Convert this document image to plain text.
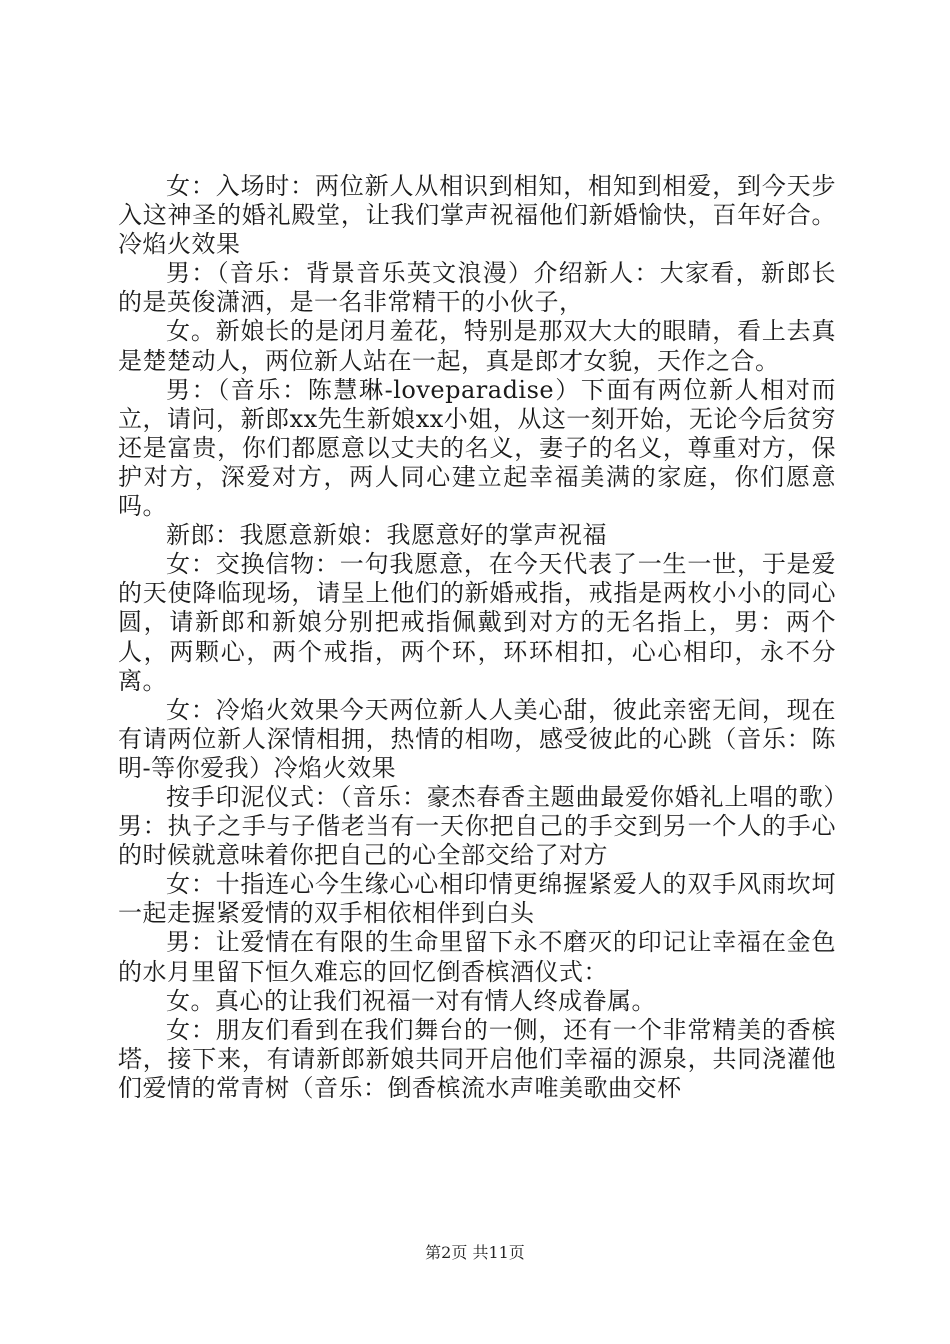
女：入场时：两位新人从相识到相知，相知到相爱，到今天步入这神圣的婚礼殿堂，让我们掌声祝福他们新婚愉快，百年好合。冷焰火效果

男：（音乐：背景音乐英文浪漫）介绍新人：大家看，新郎长的是英俊潇洒，是一名非常精干的小伙子，

女。新娘长的是闭月羞花，特别是那双大大的眼睛，看上去真是楚楚动人，两位新人站在一起，真是郎才女貌，天作之合。

男：（音乐：陈慧琳-loveparadise）下面有两位新人相对而立，请问，新郎xx先生新娘xx小姐，从这一刻开始，无论今后贫穷还是富贵，你们都愿意以丈夫的名义，妻子的名义，尊重对方，保护对方，深爱对方，两人同心建立起幸福美满的家庭，你们愿意吗。

新郎：我愿意新娘：我愿意好的掌声祝福

女：交换信物：一句我愿意，在今天代表了一生一世，于是爱的天使降临现场，请呈上他们的新婚戒指，戒指是两枚小小的同心圆，请新郎和新娘分别把戒指佩戴到对方的无名指上，男：两个人，两颗心，两个戒指，两个环，环环相扣，心心相印，永不分离。

女：冷焰火效果今天两位新人人美心甜，彼此亲密无间，现在有请两位新人深情相拥，热情的相吻，感受彼此的心跳（音乐：陈明-等你爱我）冷焰火效果

按手印泥仪式：（音乐：豪杰春香主题曲最爱你婚礼上唱的歌）男：执子之手与子偕老当有一天你把自己的手交到另一个人的手心的时候就意味着你把自己的心全部交给了对方

女：十指连心今生缘心心相印情更绵握紧爱人的双手风雨坎坷一起走握紧爱情的双手相依相伴到白头

男：让爱情在有限的生命里留下永不磨灭的印记让幸福在金色的水月里留下恒久难忘的回忆倒香槟酒仪式：

女。真心的让我们祝福一对有情人终成眷属。

女：朋友们看到在我们舞台的一侧，还有一个非常精美的香槟塔，接下来，有请新郎新娘共同开启他们幸福的源泉，共同浇灌他们爱情的常青树（音乐：倒香槟流水声唯美歌曲交杯

第2页 共11页
